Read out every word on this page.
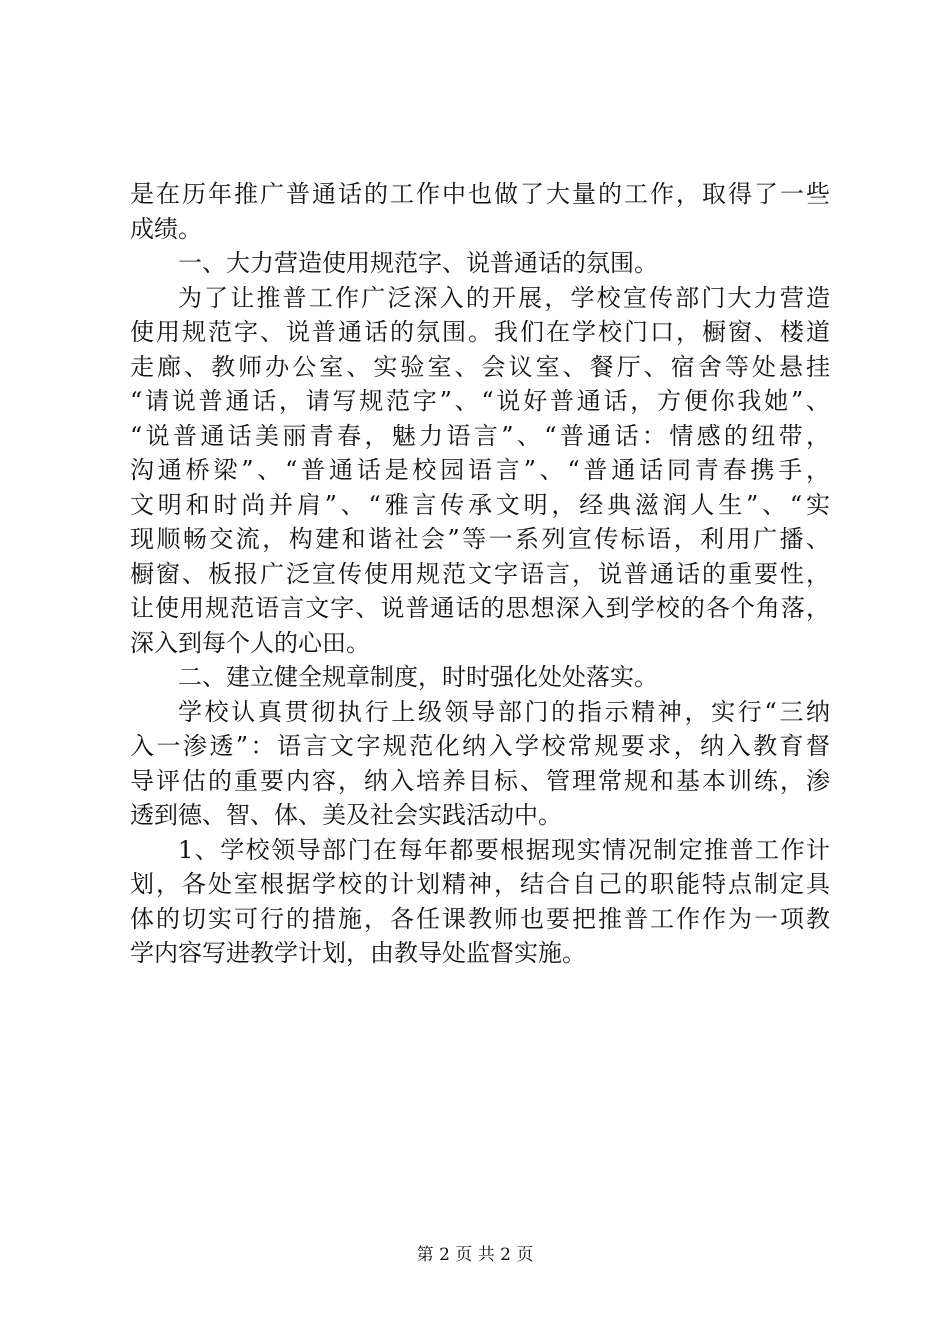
是在历年推广普通话的工作中也做了大量的工作，取得了一些
成绩。

一、大力营造使用规范字、说普通话的氛围。

为了让推普工作广泛深入的开展，学校宣传部门大力营造
使用规范字、说普通话的氛围。我们在学校门口，橱窗、楼道
走廊、教师办公室、实验室、会议室、餐厅、宿舍等处悬挂
“请说普通话，请写规范字”、“说好普通话，方便你我她”、
“说普通话美丽青春，魅力语言”、“普通话：情感的纽带，
沟通桥梁”、“普通话是校园语言”、“普通话同青春携手，
文明和时尚并肩”、“雅言传承文明，经典滋润人生”、“实
现顺畅交流，构建和谐社会”等一系列宣传标语，利用广播、
橱窗、板报广泛宣传使用规范文字语言，说普通话的重要性，
让使用规范语言文字、说普通话的思想深入到学校的各个角落，
深入到每个人的心田。

二、建立健全规章制度，时时强化处处落实。

学校认真贯彻执行上级领导部门的指示精神，实行“三纳
入一渗透”：语言文字规范化纳入学校常规要求，纳入教育督
导评估的重要内容，纳入培养目标、管理常规和基本训练，渗
透到德、智、体、美及社会实践活动中。

1、学校领导部门在每年都要根据现实情况制定推普工作计
划，各处室根据学校的计划精神，结合自己的职能特点制定具
体的切实可行的措施，各任课教师也要把推普工作作为一项教
学内容写进教学计划，由教导处监督实施。

第 2 页 共 2 页
